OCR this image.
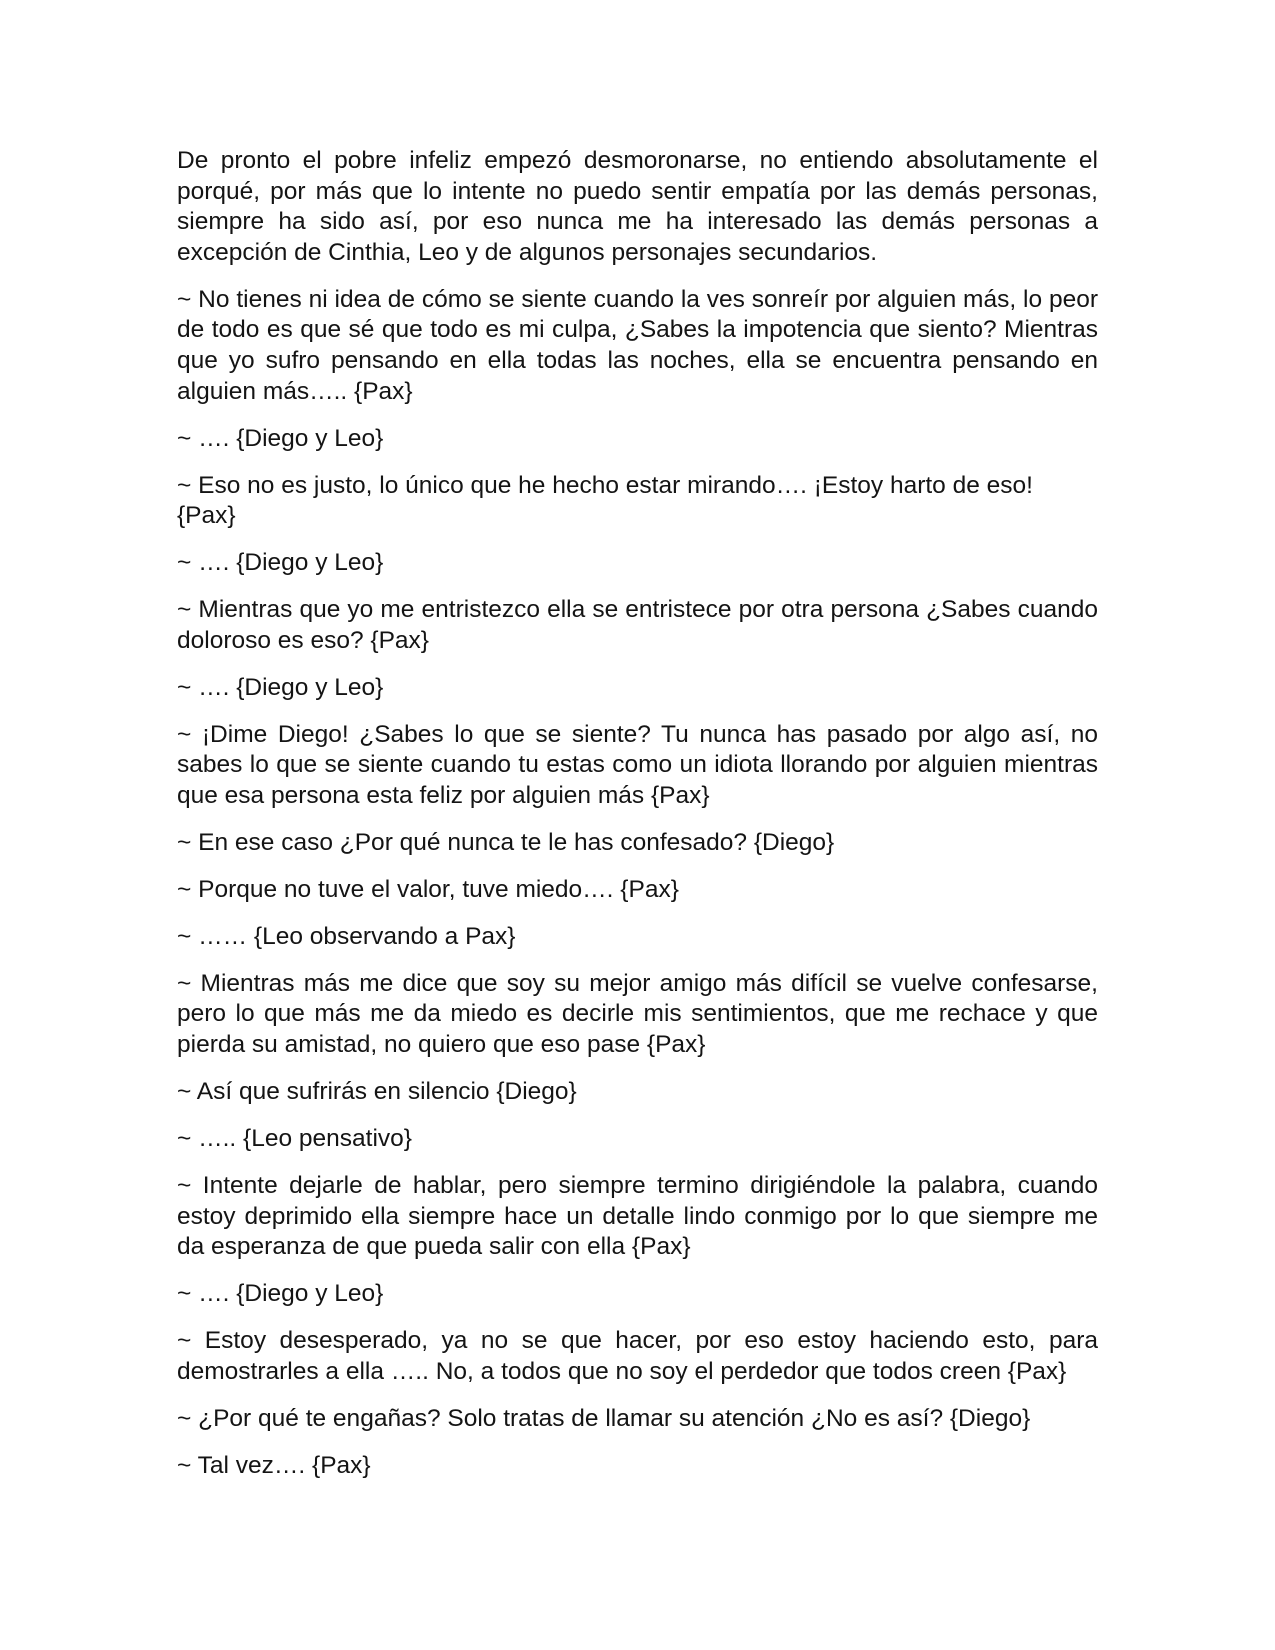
De pronto el pobre infeliz empezó desmoronarse, no entiendo absolutamente el porqué, por más que lo intente no puedo sentir empatía por las demás personas, siempre ha sido así, por eso nunca me ha interesado las demás personas a excepción de Cinthia, Leo y de algunos personajes secundarios.

~ No tienes ni idea de cómo se siente cuando la ves sonreír por alguien más, lo peor de todo es que sé que todo es mi culpa, ¿Sabes la impotencia que siento? Mientras que yo sufro pensando en ella todas las noches, ella se encuentra pensando en alguien más….. {Pax}

~ …. {Diego y Leo}

~ Eso no es justo, lo único que he hecho estar mirando…. ¡Estoy harto de eso! {Pax}

~ …. {Diego y Leo}

~ Mientras que yo me entristezco ella se entristece por otra persona ¿Sabes cuando doloroso es eso? {Pax}

~ …. {Diego y Leo}

~ ¡Dime Diego! ¿Sabes lo que se siente? Tu nunca has pasado por algo así, no sabes lo que se siente cuando tu estas como un idiota llorando por alguien mientras que esa persona esta feliz por alguien más {Pax}

~ En ese caso ¿Por qué nunca te le has confesado? {Diego}

~ Porque no tuve el valor, tuve miedo…. {Pax}

~ …… {Leo observando a Pax}

~ Mientras más me dice que soy su mejor amigo más difícil se vuelve confesarse, pero lo que más me da miedo es decirle mis sentimientos, que me rechace y que pierda su amistad, no quiero que eso pase {Pax}

~ Así que sufrirás en silencio {Diego}

~ ….. {Leo pensativo}

~ Intente dejarle de hablar, pero siempre termino dirigiéndole la palabra, cuando estoy deprimido ella siempre hace un detalle lindo conmigo por lo que siempre me da esperanza de que pueda salir con ella {Pax}

~ …. {Diego y Leo}

~ Estoy desesperado, ya no se que hacer, por eso estoy haciendo esto, para demostrarles a ella ….. No, a todos que no soy el perdedor que todos creen {Pax}

~ ¿Por qué te engañas? Solo tratas de llamar su atención ¿No es así? {Diego}

~ Tal vez…. {Pax}
